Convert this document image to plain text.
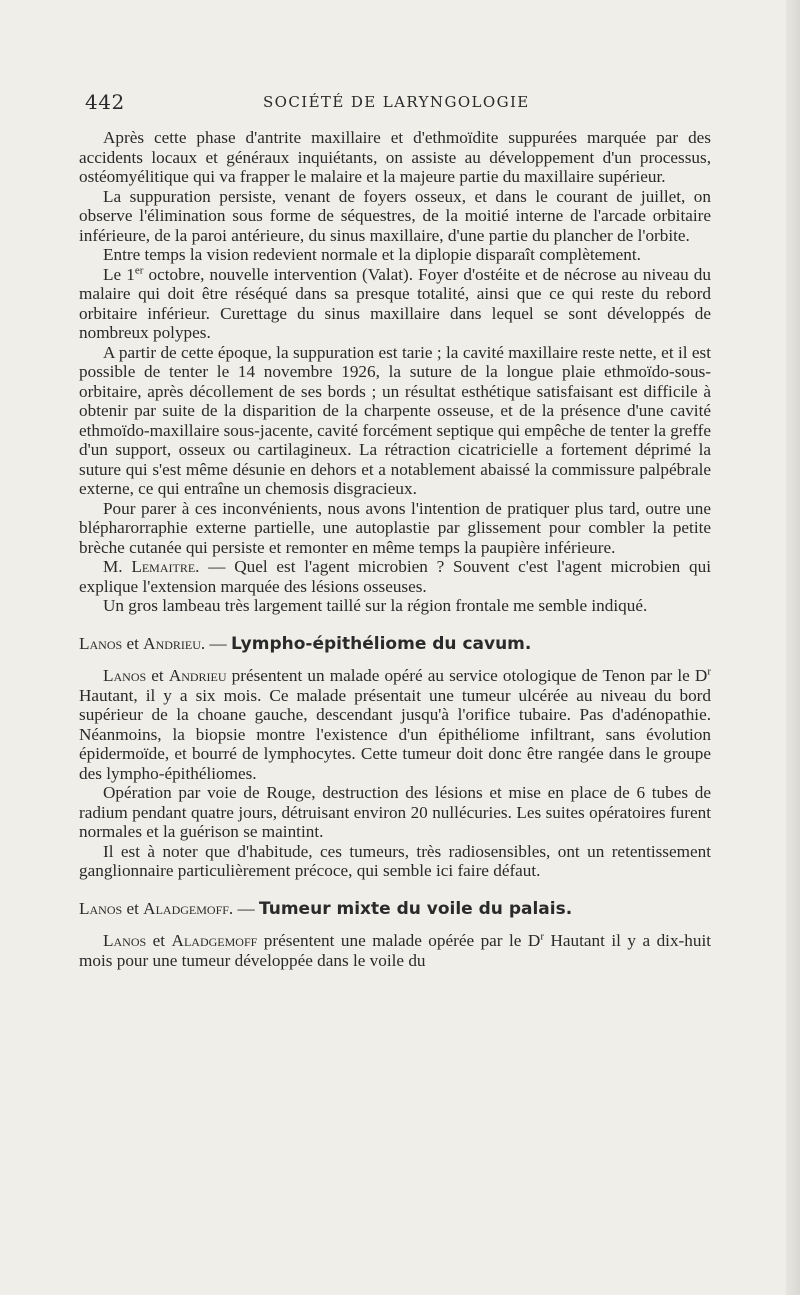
442	SOCIÉTÉ DE LARYNGOLOGIE

Après cette phase d'antrite maxillaire et d'ethmoïdite suppurées marquée par des accidents locaux et généraux inquiétants, on assiste au développement d'un processus, ostéomyélitique qui va frapper le malaire et la majeure partie du maxillaire supérieur.

La suppuration persiste, venant de foyers osseux, et dans le courant de juillet, on observe l'élimination sous forme de séquestres, de la moitié interne de l'arcade orbitaire inférieure, de la paroi antérieure, du sinus maxillaire, d'une partie du plancher de l'orbite.

Entre temps la vision redevient normale et la diplopie disparaît complètement.

Le 1er octobre, nouvelle intervention (Valat). Foyer d'ostéite et de nécrose au niveau du malaire qui doit être réséqué dans sa presque totalité, ainsi que ce qui reste du rebord orbitaire inférieur. Curettage du sinus maxillaire dans lequel se sont développés de nombreux polypes.

A partir de cette époque, la suppuration est tarie ; la cavité maxillaire reste nette, et il est possible de tenter le 14 novembre 1926, la suture de la longue plaie ethmoïdo-sous-orbitaire, après décollement de ses bords ; un résultat esthétique satisfaisant est difficile à obtenir par suite de la disparition de la charpente osseuse, et de la présence d'une cavité ethmoïdo-maxillaire sous-jacente, cavité forcément septique qui empêche de tenter la greffe d'un support, osseux ou cartilagineux. La rétraction cicatricielle a fortement déprimé la suture qui s'est même désunie en dehors et a notablement abaissé la commissure palpébrale externe, ce qui entraîne un chemosis disgracieux.

Pour parer à ces inconvénients, nous avons l'intention de pratiquer plus tard, outre une blépharorraphie externe partielle, une autoplastie par glissement pour combler la petite brèche cutanée qui persiste et remonter en même temps la paupière inférieure.

M. Lemaitre. — Quel est l'agent microbien ? Souvent c'est l'agent microbien qui explique l'extension marquée des lésions osseuses.

Un gros lambeau très largement taillé sur la région frontale me semble indiqué.

Lanos et Andrieu. — Lympho-épithéliome du cavum.

Lanos et Andrieu présentent un malade opéré au service otologique de Tenon par le $D^r$ Hautant, il y a six mois. Ce malade présentait une tumeur ulcérée au niveau du bord supérieur de la choane gauche, descendant jusqu'à l'orifice tubaire. Pas d'adénopathie. Néanmoins, la biopsie montre l'existence d'un épithéliome infiltrant, sans évolution épidermoïde, et bourré de lymphocytes. Cette tumeur doit donc être rangée dans le groupe des lympho-épithéliomes.

Opération par voie de Rouge, destruction des lésions et mise en place de 6 tubes de radium pendant quatre jours, détruisant environ 20 nullécuries. Les suites opératoires furent normales et la guérison se maintint.

Il est à noter que d'habitude, ces tumeurs, très radiosensibles, ont un retentissement ganglionnaire particulièrement précoce, qui semble ici faire défaut.

Lanos et Aladgemoff. — Tumeur mixte du voile du palais.

Lanos et Aladgemoff présentent une malade opérée par le $D^r$ Hautant il y a dix-huit mois pour une tumeur développée dans le voile du
